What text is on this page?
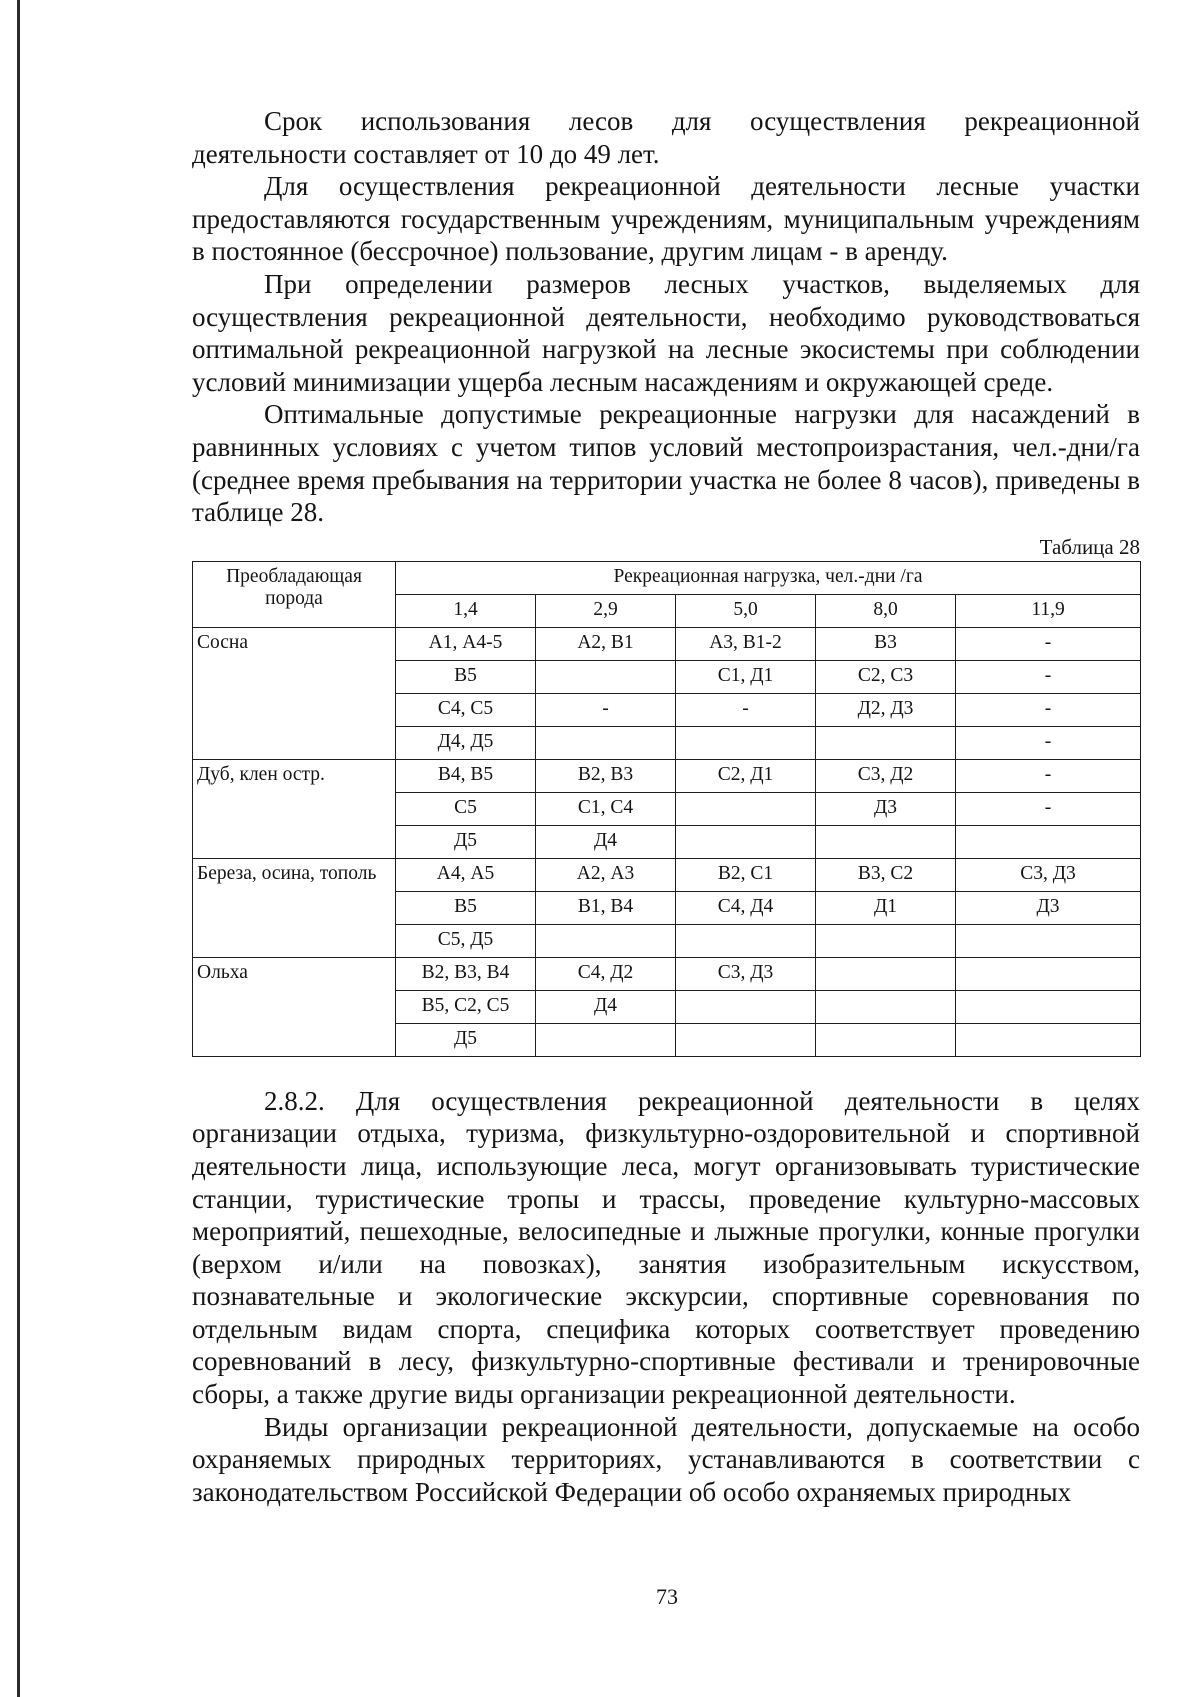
Срок использования лесов для осуществления рекреационной деятельности составляет от 10 до 49 лет.

Для осуществления рекреационной деятельности лесные участки предоставляются государственным учреждениям, муниципальным учреждениям в постоянное (бессрочное) пользование, другим лицам - в аренду.

При определении размеров лесных участков, выделяемых для осуществления рекреационной деятельности, необходимо руководствоваться оптимальной рекреационной нагрузкой на лесные экосистемы при соблюдении условий минимизации ущерба лесным насаждениям и окружающей среде.

Оптимальные допустимые рекреационные нагрузки для насаждений в равнинных условиях с учетом типов условий местопроизрастания, чел.-дни/га (среднее время пребывания на территории участка не более 8 часов), приведены в таблице 28.

Таблица 28
Преобладающая порода	Рекреационная нагрузка, чел.-дни /га				
	1,4	2,9	5,0	8,0	11,9
Сосна	А1, А4-5	А2, В1	А3, В1-2	В3	-
	В5		С1, Д1	С2, С3	-
	С4, С5	-	-	Д2, Д3	-
	Д4, Д5				-
Дуб, клен остр.	В4, В5	В2, В3	С2, Д1	С3, Д2	-
	С5	С1, С4		Д3	-
	Д5	Д4			
Береза, осина, тополь	А4, А5	А2, А3	В2, С1	В3, С2	С3, Д3
	В5	В1, В4	С4, Д4	Д1	Д3
	С5, Д5				
Ольха	В2, В3, В4	С4, Д2	С3, Д3		
	В5, С2, С5	Д4			
	Д5				

2.8.2. Для осуществления рекреационной деятельности в целях организации отдыха, туризма, физкультурно-оздоровительной и спортивной деятельности лица, использующие леса, могут организовывать туристические станции, туристические тропы и трассы, проведение культурно-массовых мероприятий, пешеходные, велосипедные и лыжные прогулки, конные прогулки (верхом и/или на повозках), занятия изобразительным искусством, познавательные и экологические экскурсии, спортивные соревнования по отдельным видам спорта, специфика которых соответствует проведению соревнований в лесу, физкультурно-спортивные фестивали и тренировочные сборы, а также другие виды организации рекреационной деятельности.

Виды организации рекреационной деятельности, допускаемые на особо охраняемых природных территориях, устанавливаются в соответствии с законодательством Российской Федерации об особо охраняемых природных

73
